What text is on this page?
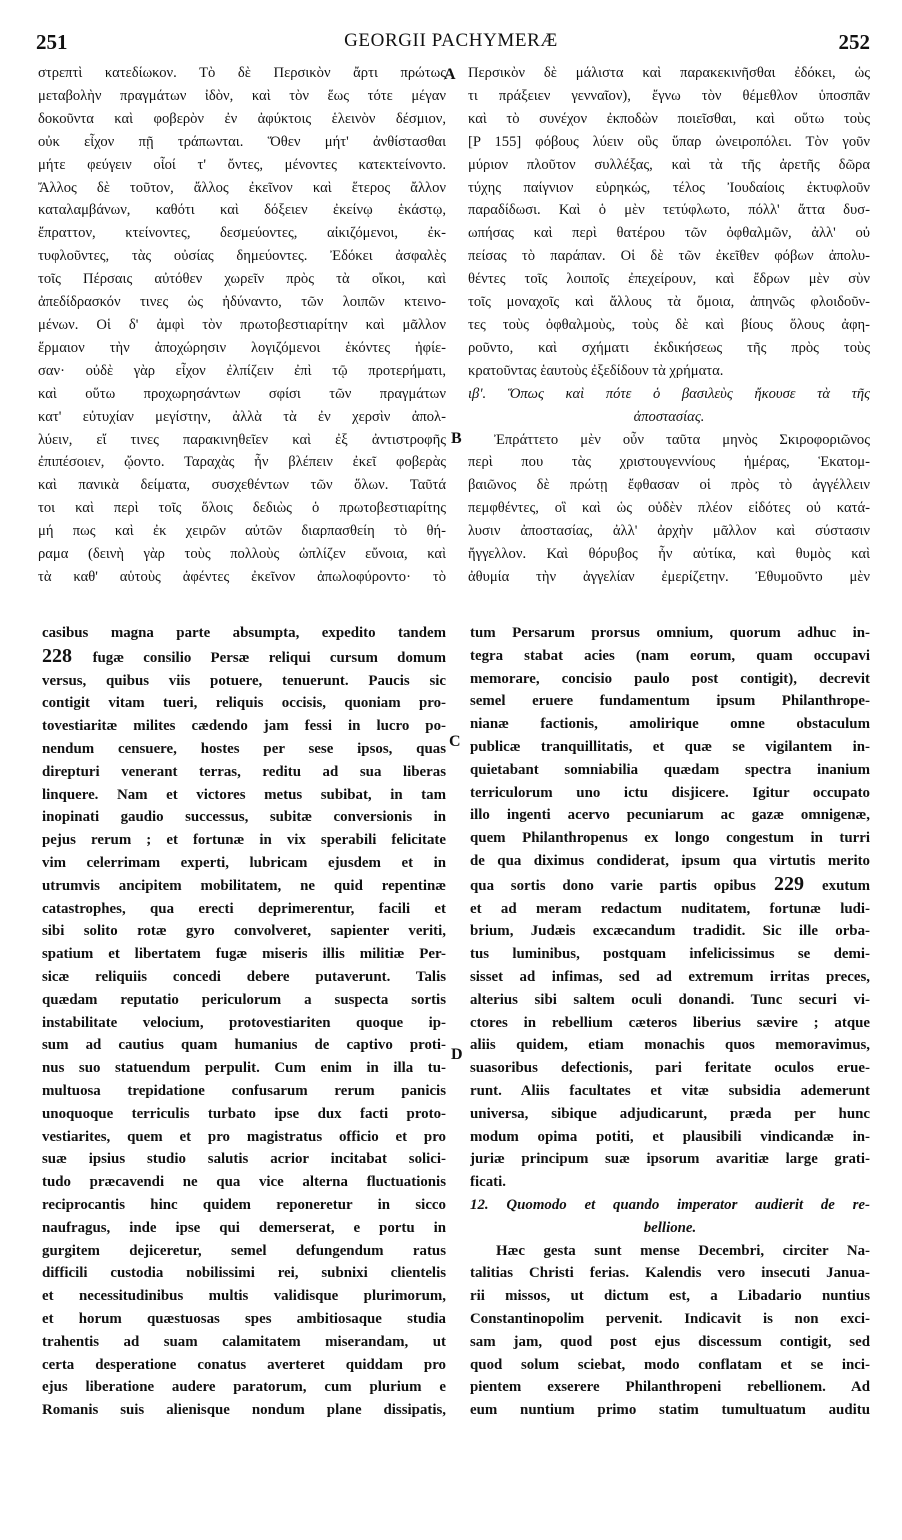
251	GEORGII PACHYMERÆ	252

στρεπτὶ κατεδίωκον. Τὸ δὲ Περσικὸν ἄρτι πρώτως

μεταβολὴν πραγμάτων ἰδὸν, καὶ τὸν ἕως τότε μέγαν

δοκοῦντα καὶ φοβερὸν ἐν ἀφύκτοις ἑλεινὸν δέσμιον,

οὐκ εἶχον πῇ τράπωνται. Ὅθεν μήτ' ἀνθίστασθαι

μήτε φεύγειν οἷοί τ' ὄντες, μένοντες κατεκτείνοντο.

Ἄλλος δὲ τοῦτον, ἄλλος ἐκεῖνον καὶ ἕτερος ἄλλον

καταλαμβάνων, καθότι καὶ δόξειεν ἐκείνῳ ἑκάστῳ,

ἔπραττον, κτείνοντες, δεσμεύοντες, αἰκιζόμενοι, ἐκ-

τυφλοῦντες, τὰς οὐσίας δημεύοντες. Ἐδόκει ἀσφαλὲς

τοῖς Πέρσαις αὐτόθεν χωρεῖν πρὸς τὰ οἴκοι, καὶ

ἀπεδίδρασκόν τινες ὡς ἠδύναντο, τῶν λοιπῶν κτεινο-

μένων. Οἱ δ' ἀμφὶ τὸν πρωτοβεστιαρίτην καὶ μᾶλλον

ἕρμαιον τὴν ἀποχώρησιν λογιζόμενοι ἑκόντες ἠφίε-

σαν· οὐδὲ γὰρ εἶχον ἐλπίζειν ἐπὶ τῷ προτερήματι,

καὶ οὕτω προχωρησάντων σφίσι τῶν πραγμάτων

κατ' εὐτυχίαν μεγίστην, ἀλλὰ τὰ ἐν χερσὶν ἀπολ-

λύειν, εἴ τινες παρακινηθεῖεν καὶ ἐξ ἀντιστροφῆς

ἐπιπέσοιεν, ᾤοντο. Ταραχὰς ἦν βλέπειν ἐκεῖ φοβερὰς

καὶ πανικὰ δείματα, συσχεθέντων τῶν ὅλων. Ταῦτά

τοι καὶ περὶ τοῖς ὅλοις δεδιὼς ὁ πρωτοβεστιαρίτης

μή πως καὶ ἐκ χειρῶν αὐτῶν διαρπασθείη τὸ θή-

ραμα (δεινὴ γὰρ τοὺς πολλοὺς ὠπλίζεν εὔνοια, καὶ

τὰ καθ' αὑτοὺς ἀφέντες ἐκεῖνον ἀπωλοφύροντο· τὸ

Περσικὸν δὲ μάλιστα καὶ παρακεκινῆσθαι ἐδόκει, ὡς

τι πράξειεν γενναῖον), ἔγνω τὸν θέμεθλον ὑποσπᾶν

καὶ τὸ συνέχον ἐκποδὼν ποιεῖσθαι, καὶ οὕτω τοὺς

[P 155] φόβους λύειν οὓς ὕπαρ ὠνειροπόλει. Τὸν γοῦν

μύριον πλοῦτον συλλέξας, καὶ τὰ τῆς ἀρετῆς δῶρα

τύχης παίγνιον εὑρηκώς, τέλος Ἰουδαίοις ἐκτυφλοῦν

παραδίδωσι. Καὶ ὁ μὲν τετύφλωτο, πόλλ' ἄττα δυσ-

ωπήσας καὶ περὶ θατέρου τῶν ὀφθαλμῶν, ἀλλ' οὐ

πείσας τὸ παράπαν. Οἱ δὲ τῶν ἐκεῖθεν φόβων ἀπολυ-

θέντες τοῖς λοιποῖς ἐπεχείρουν, καὶ ἔδρων μὲν σὺν

τοῖς μοναχοῖς καὶ ἄλλους τὰ ὅμοια, ἀπηνῶς φλοιδοῦν-

τες τοὺς ὀφθαλμοὺς, τοὺς δὲ καὶ βίους ὅλους ἀφη-

ροῦντο, καὶ σχήματι ἐκδικήσεως τῆς πρὸς τοὺς

κρατοῦντας ἑαυτοὺς ἐξεδίδουν τὰ χρήματα.

ιβ'. Ὅπως καὶ πότε ὁ βασιλεὺς ἤκουσε τὰ τῆς

ἀποστασίας.

Ἐπράττετο μὲν οὖν ταῦτα μηνὸς Σκιροφοριῶνος

περὶ που τὰς χριστουγεννίους ἡμέρας, Ἑκατομ-

βαιῶνος δὲ πρώτῃ ἔφθασαν οἱ πρὸς τὸ ἀγγέλλειν

πεμφθέντες, οἳ καὶ ὡς οὐδὲν πλέον εἰδότες οὐ κατά-

λυσιν ἀποστασίας, ἀλλ' ἀρχὴν μᾶλλον καὶ σύστασιν

ἤγγελλον. Καὶ θόρυβος ἦν αὐτίκα, καὶ θυμὸς καὶ

ἀθυμία τὴν ἀγγελίαν ἐμερίζετην. Ἐθυμοῦντο μὲν

casibus magna parte absumpta, expedito tandem

228 fugæ consilio Persæ reliqui cursum domum

versus, quibus viis potuere, tenuerunt. Paucis sic

contigit vitam tueri, reliquis occisis, quoniam pro-

tovestiaritæ milites cædendo jam fessi in lucro po-

nendum censuere, hostes per sese ipsos, quas

direpturi venerant terras, reditu ad sua liberas

linquere. Nam et victores metus subibat, in tam

inopinati gaudio successus, subitæ conversionis in

pejus rerum ; et fortunæ in vix sperabili felicitate

vim celerrimam experti, lubricam ejusdem et in

utrumvis ancipitem mobilitatem, ne quid repentinæ

catastrophes, qua erecti deprimerentur, facili et

sibi solito rotæ gyro convolveret, sapienter veriti,

spatium et libertatem fugæ miseris illis militiæ Per-

sicæ reliquiis concedi debere putaverunt. Talis

quædam reputatio periculorum a suspecta sortis

instabilitate velocium, protovestiariten quoque ip-

sum ad cautius quam humanius de captivo proti-

nus suo statuendum perpulit. Cum enim in illa tu-

multuosa trepidatione confusarum rerum panicis

unoquoque terriculis turbato ipse dux facti proto-

vestiarites, quem et pro magistratus officio et pro

suæ ipsius studio salutis acrior incitabat solici-

tudo præcavendi ne qua vice alterna fluctuationis

reciprocantis hinc quidem reponeretur in sicco

naufragus, inde ipse qui demerserat, e portu in

gurgitem dejiceretur, semel defungendum ratus

difficili custodia nobilissimi rei, subnixi clientelis

et necessitudinibus multis validisque plurimorum,

et horum quæstuosas spes ambitiosaque studia

trahentis ad suam calamitatem miserandam, ut

certa desperatione conatus averteret quiddam pro

ejus liberatione audere paratorum, cum plurium e

Romanis suis alienisque nondum plane dissipatis,

tum Persarum prorsus omnium, quorum adhuc in-

tegra stabat acies (nam eorum, quam occupavi

memorare, concisio paulo post contigit), decrevit

semel eruere fundamentum ipsum Philanthrope-

nianæ factionis, amolirique omne obstaculum

publicæ tranquillitatis, et quæ se vigilantem in-

quietabant somniabilia quædam spectra inanium

terriculorum uno ictu disjicere. Igitur occupato

illo ingenti acervo pecuniarum ac gazæ omnigenæ,

quem Philanthropenus ex longo congestum in turri

de qua diximus condiderat, ipsum qua virtutis merito

qua sortis dono varie partis opibus 229 exutum

et ad meram redactum nuditatem, fortunæ ludi-

brium, Judæis excæcandum tradidit. Sic ille orba-

tus luminibus, postquam infelicissimus se demi-

sisset ad infimas, sed ad extremum irritas preces,

alterius sibi saltem oculi donandi. Tunc securi vi-

ctores in rebellium cæteros liberius sævire ; atque

aliis quidem, etiam monachis quos memoravimus,

suasoribus defectionis, pari feritate oculos erue-

runt. Aliis facultates et vitæ subsidia ademerunt

universa, sibique adjudicarunt, præda per hunc

modum opima potiti, et plausibili vindicandæ in-

juriæ principum suæ ipsorum avaritiæ large grati-

ficati.

12. Quomodo et quando imperator audierit de re-

bellione.

Hæc gesta sunt mense Decembri, circiter Na-

talitias Christi ferias. Kalendis vero insecuti Janua-

rii missos, ut dictum est, a Libadario nuntius

Constantinopolim pervenit. Indicavit is non exci-

sam jam, quod post ejus discessum contigit, sed

quod solum sciebat, modo conflatam et se inci-

pientem exserere Philanthropeni rebellionem. Ad

eum nuntium primo statim tumultuatum auditu

A
B
C
D
